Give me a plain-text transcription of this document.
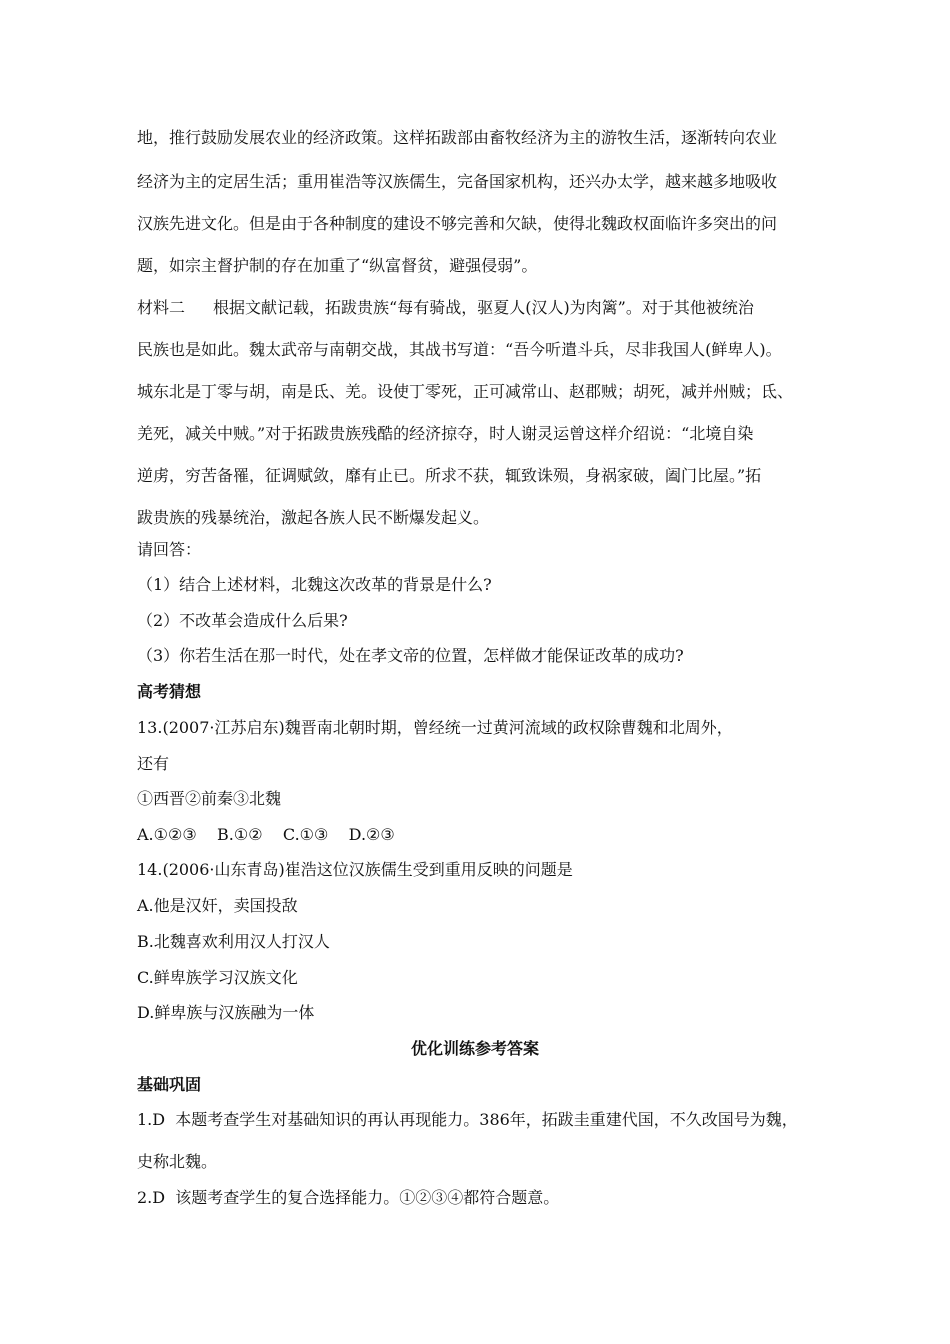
地，推行鼓励发展农业的经济政策。这样拓跋部由畜牧经济为主的游牧生活，逐渐转向农业
经济为主的定居生活；重用崔浩等汉族儒生，完备国家机构，还兴办太学，越来越多地吸收
汉族先进文化。但是由于各种制度的建设不够完善和欠缺，使得北魏政权面临许多突出的问
题，如宗主督护制的存在加重了“纵富督贫，避强侵弱”。
材料二 根据文献记载，拓跋贵族“每有骑战，驱夏人(汉人)为肉篱”。对于其他被统治
民族也是如此。魏太武帝与南朝交战，其战书写道：“吾今听遣斗兵，尽非我国人(鲜卑人)。
城东北是丁零与胡，南是氐、羌。设使丁零死，正可减常山、赵郡贼；胡死，减并州贼；氐、
羌死，减关中贼。”对于拓跋贵族残酷的经济掠夺，时人谢灵运曾这样介绍说：“北境自染
逆虏，穷苦备罹，征调赋敛，靡有止已。所求不获，辄致诛殒，身祸家破，阖门比屋。”拓
跋贵族的残暴统治，激起各族人民不断爆发起义。
请回答：
（1）结合上述材料，北魏这次改革的背景是什么?
（2）不改革会造成什么后果?
（3）你若生活在那一时代，处在孝文帝的位置，怎样做才能保证改革的成功?
高考猜想
13.(2007·江苏启东)魏晋南北朝时期，曾经统一过黄河流域的政权除曹魏和北周外，
还有
①西晋②前秦③北魏
A.①②③    B.①②    C.①③    D.②③
14.(2006·山东青岛)崔浩这位汉族儒生受到重用反映的问题是
A.他是汉奸，卖国投敌
B.北魏喜欢利用汉人打汉人
C.鲜卑族学习汉族文化
D.鲜卑族与汉族融为一体
优化训练参考答案
基础巩固
1.D  本题考查学生对基础知识的再认再现能力。386年，拓跋圭重建代国，不久改国号为魏，
史称北魏。
2.D  该题考查学生的复合选择能力。①②③④都符合题意。
